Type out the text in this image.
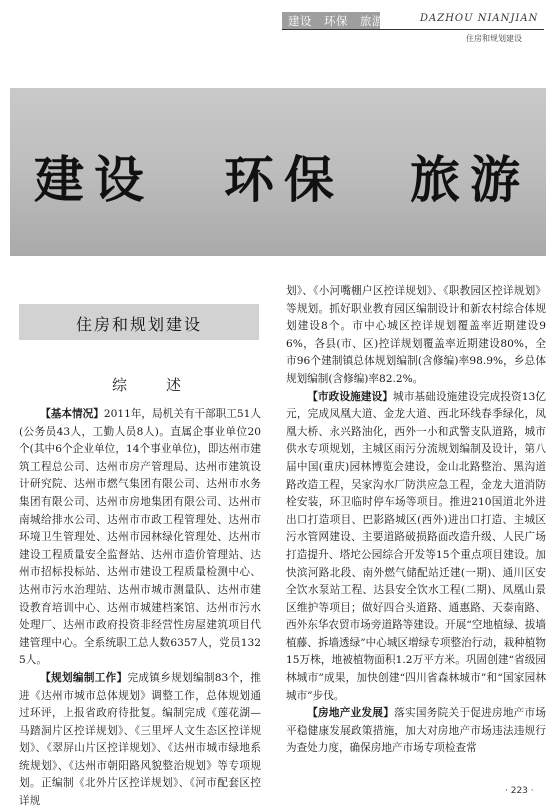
建设　环保　旅游	DAZHOU NIANJIAN
住房和规划建设
建设 环保 旅游
住房和规划建设
综　述

【基本情况】2011年，局机关有干部职工51人(公务员43人，工勤人员8人)。直属企事业单位20个(其中6个企业单位，14个事业单位)，即达州市建筑工程总公司、达州市房产管理局、达州市建筑设计研究院、达州市燃气集团有限公司、达州市水务集团有限公司、达州市房地集团有限公司、达州市南城给排水公司、达州市市政工程管理处、达州市环境卫生管理处、达州市园林绿化管理处、达州市建设工程质量安全监督站、达州市造价管理站、达州市招标投标站、达州市建设工程质量检测中心、达州市污水治理站、达州市城市测量队、达州市建设教育培训中心、达州市城建档案馆、达州市污水处理厂、达州市政府投资非经营性房屋建筑项目代建管理中心。全系统职工总人数6357人，党员1325人。

【规划编制工作】完成镇乡规划编制83个，推进《达州市城市总体规划》调整工作，总体规划通过环评，上报省政府待批复。编制完成《莲花湖—马踏洞片区控详规划》、《三里坪人文生态区控详规划》、《翠屏山片区控详规划》、《达州市城市绿地系统规划》、《达州市朝阳路风貌整治规划》等专项规划。正编制《北外片区控详规划》、《河市配套区控详规

划》、《小河嘴棚户区控详规划》、《职教园区控详规划》等规划。抓好职业教育园区编制设计和新农村综合体规划建设8个。市中心城区控详规划覆盖率近期建设96%，各县(市、区)控详规划覆盖率近期建设80%，全市96个建制镇总体规划编制(含修编)率98.9%，乡总体规划编制(含修编)率82.2%。

【市政设施建设】城市基础设施建设完成投资13亿元，完成凤凰大道、金龙大道、西北环线春季绿化，凤凰大桥、永兴路油化，西外一小和武警支队道路，城市供水专项规划，主城区雨污分流规划编制及设计，第八届中国(重庆)园林博览会建设，金山北路整治、黑沟道路改造工程，吴家沟水厂防洪应急工程，金龙大道消防栓安装，环卫临时停车场等项目。推进210国道北外进出口打造项目、巴影路城区(西外)进出口打造、主城区污水管网建设、主要道路破损路面改造升级、人民广场打造提升、塔坨公园综合开发等15个重点项目建设。加快滨河路北段、南外燃气储配站迁建(一期)、通川区安全饮水泵站工程、达县安全饮水工程(二期)、凤凰山景区维护等项目；做好四合头道路、通惠路、天泰南路、西外东华农贸市场旁道路等建设。开展“空地植绿、拔墙植藤、拆墙透绿”中心城区增绿专项整治行动，栽种植物15万株，地被植物面积1.2万平方米。巩固创建“省级园林城市”成果，加快创建“四川省森林城市”和“国家园林城市”步伐。

【房地产业发展】落实国务院关于促进房地产市场平稳健康发展政策措施，加大对房地产市场违法违规行为查处力度，确保房地产市场专项检查常

· 223 ·
